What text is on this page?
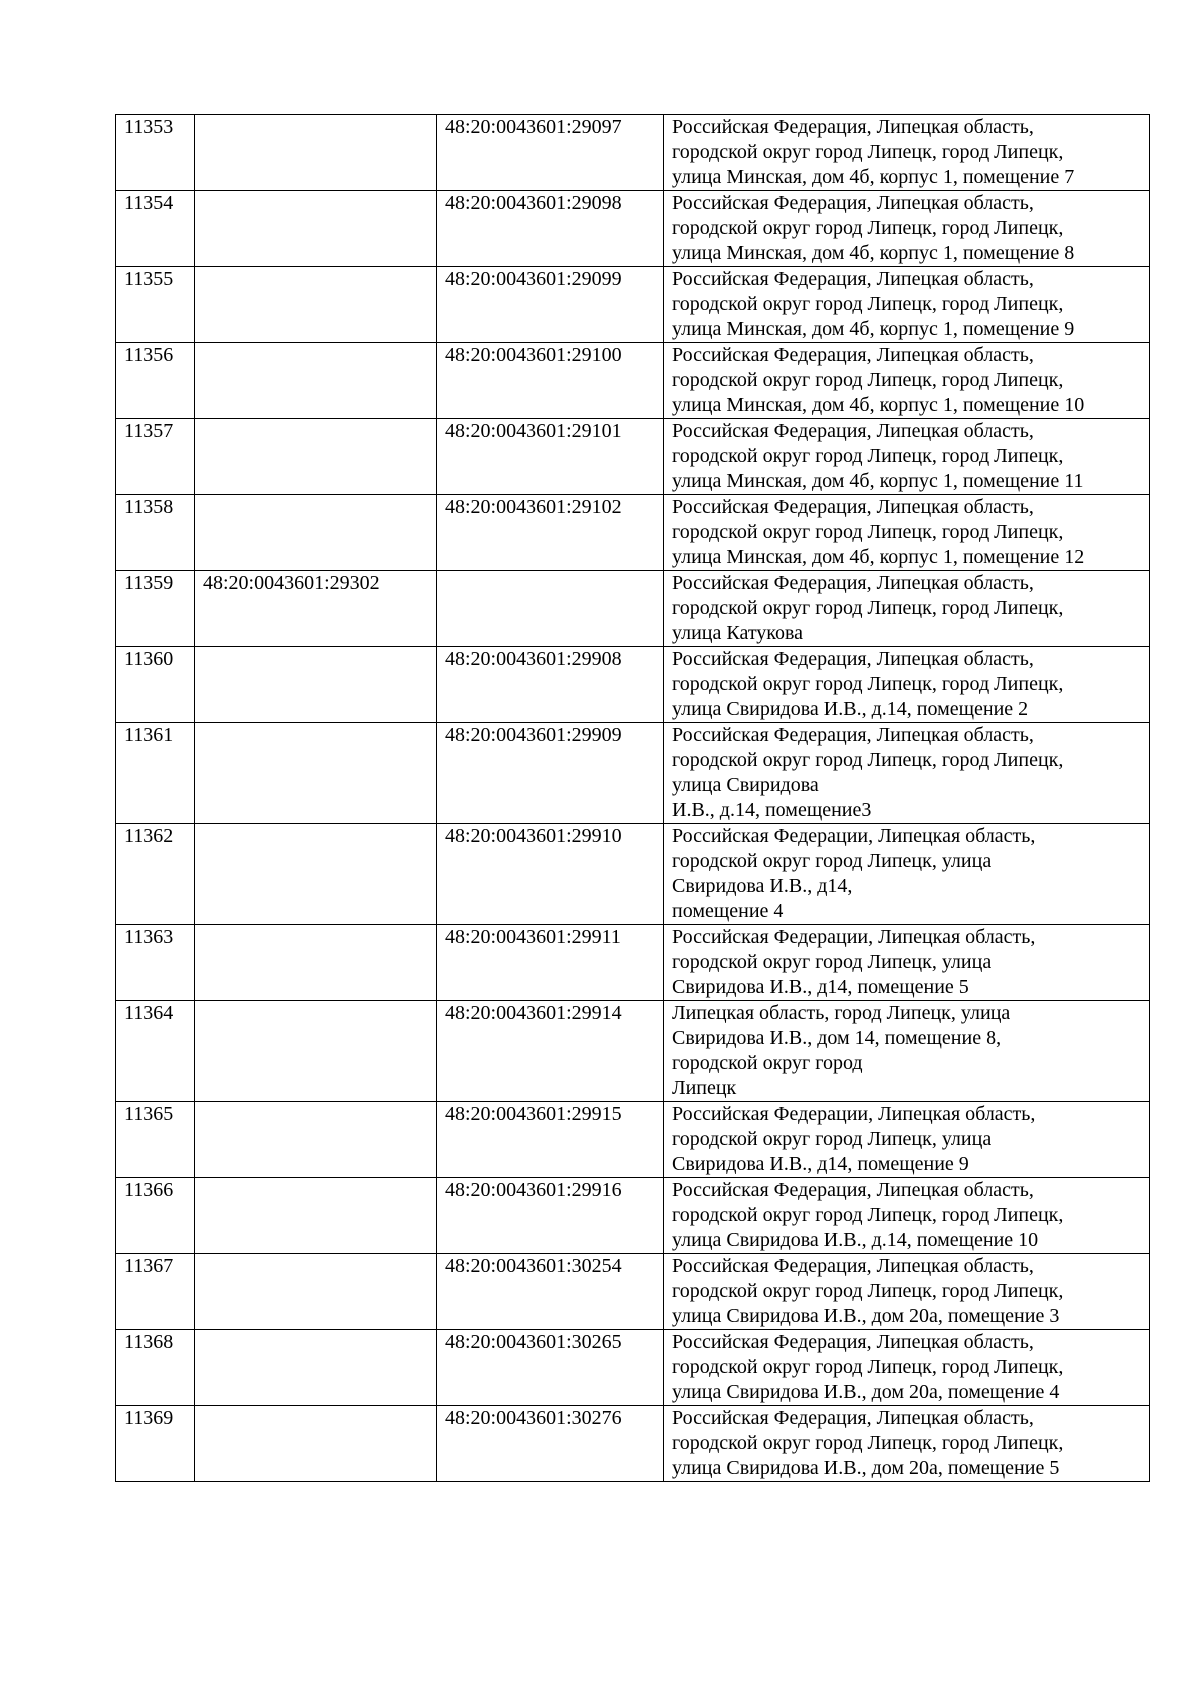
11353		48:20:0043601:29097	Российская Федерация, Липецкая область,
городской округ город Липецк, город Липецк,
улица Минская, дом 4б, корпус 1, помещение 7
11354		48:20:0043601:29098	Российская Федерация, Липецкая область,
городской округ город Липецк, город Липецк,
улица Минская, дом 4б, корпус 1, помещение 8
11355		48:20:0043601:29099	Российская Федерация, Липецкая область,
городской округ город Липецк, город Липецк,
улица Минская, дом 4б, корпус 1, помещение 9
11356		48:20:0043601:29100	Российская Федерация, Липецкая область,
городской округ город Липецк, город Липецк,
улица Минская, дом 4б, корпус 1, помещение 10
11357		48:20:0043601:29101	Российская Федерация, Липецкая область,
городской округ город Липецк, город Липецк,
улица Минская, дом 4б, корпус 1, помещение 11
11358		48:20:0043601:29102	Российская Федерация, Липецкая область,
городской округ город Липецк, город Липецк,
улица Минская, дом 4б, корпус 1, помещение 12
11359	48:20:0043601:29302		Российская Федерация, Липецкая область,
городской округ город Липецк, город Липецк,
улица Катукова
11360		48:20:0043601:29908	Российская Федерация, Липецкая область,
городской округ город Липецк, город Липецк,
улица Свиридова И.В., д.14, помещение 2
11361		48:20:0043601:29909	Российская Федерация, Липецкая область,
городской округ город Липецк, город Липецк,
улица Свиридова
И.В., д.14, помещение3
11362		48:20:0043601:29910	Российская Федерации, Липецкая область,
городской округ город Липецк, улица
Свиридова И.В., д14,
помещение 4
11363		48:20:0043601:29911	Российская Федерации, Липецкая область,
городской округ город Липецк, улица
Свиридова И.В., д14, помещение 5
11364		48:20:0043601:29914	Липецкая область, город Липецк, улица
Свиридова И.В., дом 14, помещение 8,
городской округ город
Липецк
11365		48:20:0043601:29915	Российская Федерации, Липецкая область,
городской округ город Липецк, улица
Свиридова И.В., д14, помещение 9
11366		48:20:0043601:29916	Российская Федерация, Липецкая область,
городской округ город Липецк, город Липецк,
улица Свиридова И.В., д.14, помещение 10
11367		48:20:0043601:30254	Российская Федерация, Липецкая область,
городской округ город Липецк, город Липецк,
улица Свиридова И.В., дом 20а, помещение 3
11368		48:20:0043601:30265	Российская Федерация, Липецкая область,
городской округ город Липецк, город Липецк,
улица Свиридова И.В., дом 20а, помещение 4
11369		48:20:0043601:30276	Российская Федерация, Липецкая область,
городской округ город Липецк, город Липецк,
улица Свиридова И.В., дом 20а, помещение 5
